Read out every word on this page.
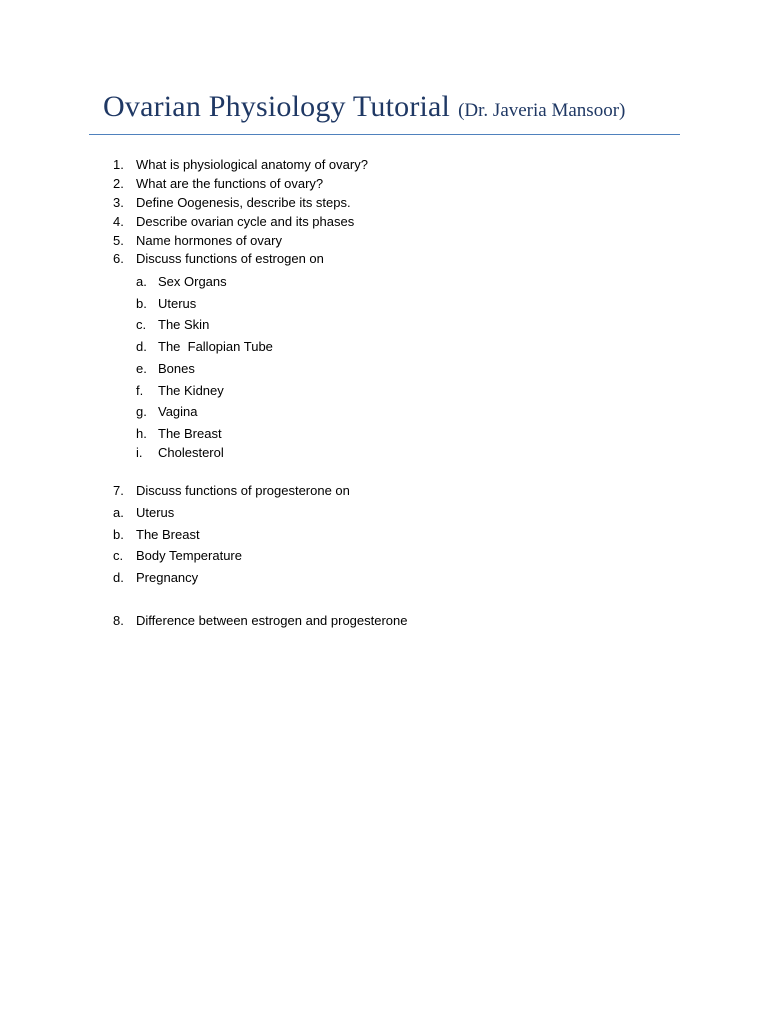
Ovarian Physiology Tutorial (Dr. Javeria Mansoor)
1. What is physiological anatomy of ovary?
2. What are the functions of ovary?
3. Define Oogenesis, describe its steps.
4. Describe ovarian cycle and its phases
5. Name hormones of ovary
6. Discuss functions of estrogen on
a. Sex Organs
b. Uterus
c. The Skin
d. The  Fallopian Tube
e. Bones
f. The Kidney
g. Vagina
h. The Breast
i. Cholesterol
7. Discuss functions of progesterone on
a. Uterus
b. The Breast
c. Body Temperature
d. Pregnancy
8. Difference between estrogen and progesterone
